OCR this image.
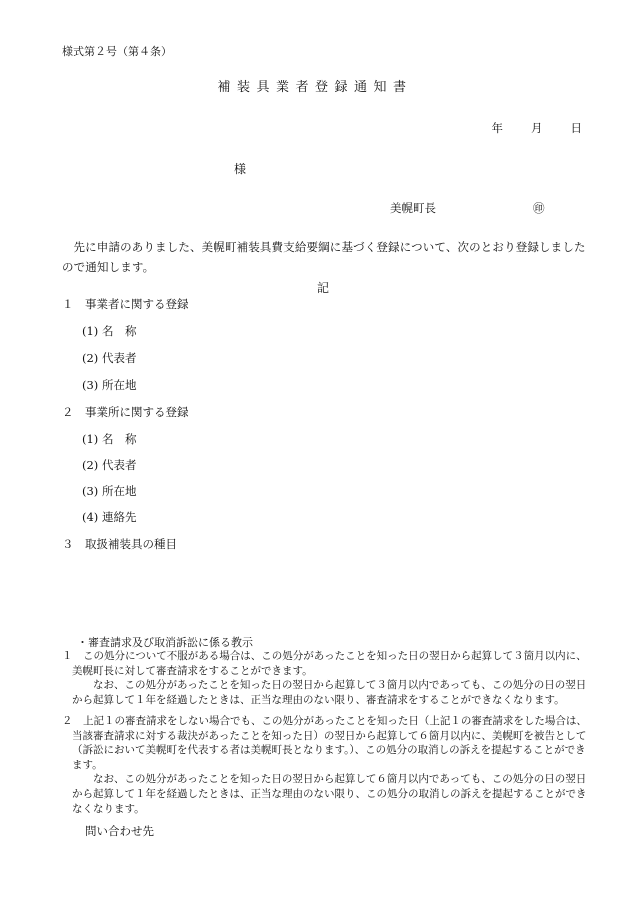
様式第２号（第４条）
補装具業者登録通知書
年 月 日
様
美幌町長	㊞
先に申請のありました、美幌町補装具費支給要綱に基づく登録について、次のとおり登録しましたので通知します。
記
１　事業者に関する登録
(1) 名　称
(2) 代表者
(3) 所在地
２　事業所に関する登録
(1) 名　称
(2) 代表者
(3) 所在地
(4) 連絡先
３　取扱補装具の種目
・審査請求及び取消訴訟に係る教示
１	この処分について不服がある場合は、この処分があったことを知った日の翌日から起算して３箇月以内に、美幌町長に対して審査請求をすることができます。
なお、この処分があったことを知った日の翌日から起算して３箇月以内であっても、この処分の日の翌日から起算して１年を経過したときは、正当な理由のない限り、審査請求をすることができなくなります。
２	上記１の審査請求をしない場合でも、この処分があったことを知った日（上記１の審査請求をした場合は、当該審査請求に対する裁決があったことを知った日）の翌日から起算して６箇月以内に、美幌町を被告として（訴訟において美幌町を代表する者は美幌町長となります。）、この処分の取消しの訴えを提起することができます。
なお、この処分があったことを知った日の翌日から起算して６箇月以内であっても、この処分の日の翌日から起算して１年を経過したときは、正当な理由のない限り、この処分の取消しの訴えを提起することができなくなります。
問い合わせ先
